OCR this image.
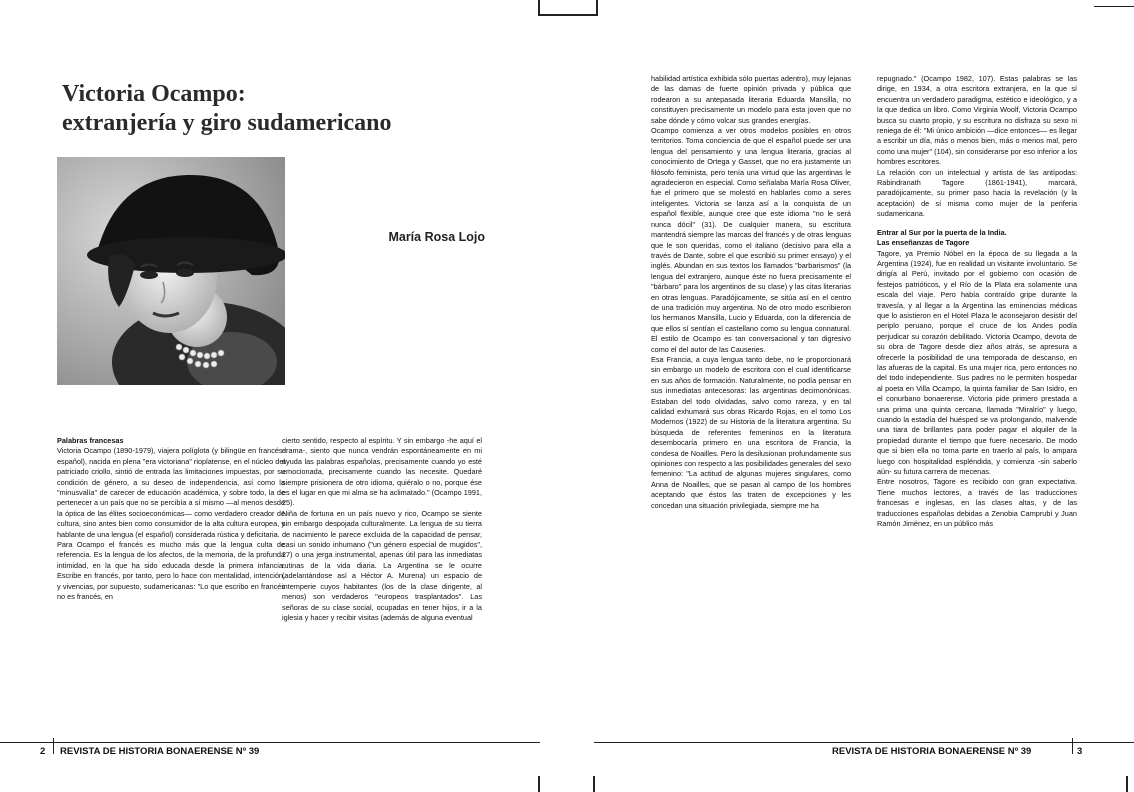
Victoria Ocampo:
extranjería y giro sudamericano
María Rosa Lojo
Palabras francesas

Victoria Ocampo (1890-1979), viajera políglota (y bilingüe en francés-español), nacida en plena "era victoriana" rioplatense, en el núcleo del patriciado criollo, sintió de entrada las limitaciones impuestas, por su condición de género, a su deseo de independencia, así como la "minusvalía" de carecer de educación académica, y sobre todo, la de pertenecer a un país que no se percibía a sí mismo —al menos desde la óptica de las élites socioeconómicas— como verdadero creador de cultura, sino antes bien como consumidor de la alta cultura europea, y hablante de una lengua (el español) considerada rústica y deficitaria.

Para Ocampo el francés es mucho más que la lengua culta de referencia. Es la lengua de los afectos, de la memoria, de la profunda intimidad, en la que ha sido educada desde la primera infancia. Escribe en francés, por tanto, pero lo hace con mentalidad, intención, y vivencias, por supuesto, sudamericanas: "Lo que escribo en francés no es francés, en

cierto sentido, respecto al espíritu. Y sin embargo -he aquí el drama-, siento que nunca vendrán espontáneamente en mi ayuda las palabras españolas, precisamente cuando yo esté emocionada, precisamente cuando las necesite. Quedaré siempre prisionera de otro idioma, quiéralo o no, porque ése es el lugar en que mi alma se ha aclimatado." (Ocampo 1991, 25).

Niña de fortuna en un país nuevo y rico, Ocampo se siente sin embargo despojada culturalmente. La lengua de su tierra de nacimiento le parece excluida de la capacidad de pensar, casi un sonido inhumano ("un género especial de mugidos", 27) o una jerga instrumental, apenas útil para las inmediatas rutinas de la vida diaria. La Argentina se le ocurre (adelantándose así a Héctor A. Murena) un espacio de intemperie cuyos habitantes (los de la clase dirigente, al menos) son verdaderos "europeos trasplantados". Las señoras de su clase social, ocupadas en tener hijos, ir a la iglesia y hacer y recibir visitas (además de alguna eventual

habilidad artística exhibida sólo puertas adentro), muy lejanas de las damas de fuerte opinión privada y pública que rodearon a su antepasada literaria Eduarda Mansilla, no constituyen precisamente un modelo para esta joven que no sabe dónde y cómo volcar sus grandes energías.

Ocampo comienza a ver otros modelos posibles en otros territorios. Toma conciencia de que el español puede ser una lengua del pensamiento y una lengua literaria, gracias al conocimiento de Ortega y Gasset, que no era justamente un filósofo feminista, pero tenía una virtud que las argentinas le agradecieron en especial. Como señalaba María Rosa Oliver, fue el primero que se molestó en hablarles como a seres inteligentes. Victoria se lanza así a la conquista de un español flexible, aunque cree que este idioma "no le será nunca dócil" (31). De cualquier manera, su escritura mantendrá siempre las marcas del francés y de otras lenguas que le son queridas, como el italiano (decisivo para ella a través de Dante, sobre el que escribió su primer ensayo) y el inglés. Abundan en sus textos los llamados "barbarismos" (la lengua del extranjero, aunque éste no fuera precisamente el "bárbaro" para los argentinos de su clase) y las citas literarias en otras lenguas. Paradójicamente, se sitúa así en el centro de una tradición muy argentina. No de otro modo escribieron los hermanos Mansilla, Lucio y Eduarda, con la diferencia de que ellos sí sentían el castellano como su lengua connatural. El estilo de Ocampo es tan conversacional y tan digresivo como el del autor de las Causeries.

Esa Francia, a cuya lengua tanto debe, no le proporcionará sin embargo un modelo de escritora con el cual identificarse en sus años de formación. Naturalmente, no podía pensar en sus inmediatas antecesoras: las argentinas decimonónicas. Estaban del todo olvidadas, salvo como rareza, y en tal calidad exhumará sus obras Ricardo Rojas, en el tomo Los Modernos (1922) de su Historia de la literatura argentina. Su búsqueda de referentes femeninos en la literatura desembocaría primero en una escritora de Francia, la condesa de Noailles. Pero la desilusionan profundamente sus opiniones con respecto a las posibilidades generales del sexo femenino: "La actitud de algunas mujeres singulares, como Anna de Noailles, que se pasan al campo de los hombres aceptando que éstos las traten de excepciones y les concedan una situación privilegiada, siempre me ha

repugnado." (Ocampo 1982, 107). Estas palabras se las dirige, en 1934, a otra escritora extranjera, en la que sí encuentra un verdadero paradigma, estético e ideológico, y a la que dedica un libro. Como Virginia Woolf, Victoria Ocampo busca su cuarto propio, y su escritura no disfraza su sexo ni reniega de él: "Mi único ambición —dice entonces— es llegar a escribir un día, más o menos bien, más o menos mal, pero como una mujer" (104), sin considerarse por eso inferior a los hombres escritores.

La relación con un intelectual y artista de las antípodas: Rabindranath Tagore (1861-1941), marcará, paradójicamente, su primer paso hacia la revelación (y la aceptación) de sí misma como mujer de la periferia sudamericana.

Entrar al Sur por la puerta de la India.
Las enseñanzas de Tagore

Tagore, ya Premio Nóbel en la época de su llegada a la Argentina (1924), fue en realidad un visitante involuntario. Se dirigía al Perú, invitado por el gobierno con ocasión de festejos patrióticos, y el Río de la Plata era solamente una escala del viaje. Pero había contraído gripe durante la travesía, y al llegar a la Argentina las eminencias médicas que lo asistieron en el Hotel Plaza le aconsejaron desistir del periplo peruano, porque el cruce de los Andes podía perjudicar su corazón debilitado. Victoria Ocampo, devota de su obra de Tagore desde diez años atrás, se apresura a ofrecerle la posibilidad de una temporada de descanso, en las afueras de la capital. Es una mujer rica, pero entonces no del todo independiente. Sus padres no le permiten hospedar al poeta en Villa Ocampo, la quinta familiar de San Isidro, en el conurbano bonaerense. Victoria pide primero prestada a una prima una quinta cercana, llamada "Miralrío" y luego, cuando la estadía del huésped se va prolongando, malvende una tiara de brillantes para poder pagar el alquiler de la propiedad durante el tiempo que fuere necesario. De modo que si bien ella no toma parte en traerlo al país, lo ampara luego con hospitalidad espléndida, y comienza -sin saberlo aún- su futura carrera de mecenas.

Entre nosotros, Tagore es recibido con gran expectativa. Tiene muchos lectores, a través de las traducciones francesas e inglesas, en las clases altas, y de las traducciones españolas debidas a Zenobia Camprubí y Juan Ramón Jiménez, en un público más

2 REVISTA DE HISTORIA BONAERENSE Nº 39	REVISTA DE HISTORIA BONAERENSE Nº 39	3
